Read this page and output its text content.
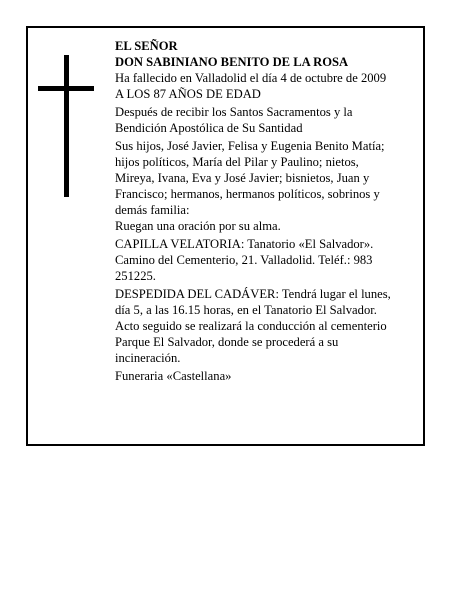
EL SEÑOR
DON SABINIANO BENITO DE LA ROSA
Ha fallecido en Valladolid el día 4 de octubre de 2009
A LOS 87 AÑOS DE EDAD
Después de recibir los Santos Sacramentos y la
Bendición Apostólica de Su Santidad
Sus hijos, José Javier, Felisa y Eugenia Benito Matía;
hijos políticos, María del Pilar y Paulino; nietos,
Mireya, Ivana, Eva y José Javier; bisnietos, Juan y
Francisco; hermanos, hermanos políticos, sobrinos y
demás familia:
Ruegan una oración por su alma.
CAPILLA VELATORIA: Tanatorio «El Salvador».
Camino del Cementerio, 21. Valladolid. Teléf.: 983
251225.
DESPEDIDA DEL CADÁVER: Tendrá lugar el lunes,
día 5, a las 16.15 horas, en el Tanatorio El Salvador.
Acto seguido se realizará la conducción al cementerio
Parque El Salvador, donde se procederá a su
incineración.
Funeraria «Castellana»
